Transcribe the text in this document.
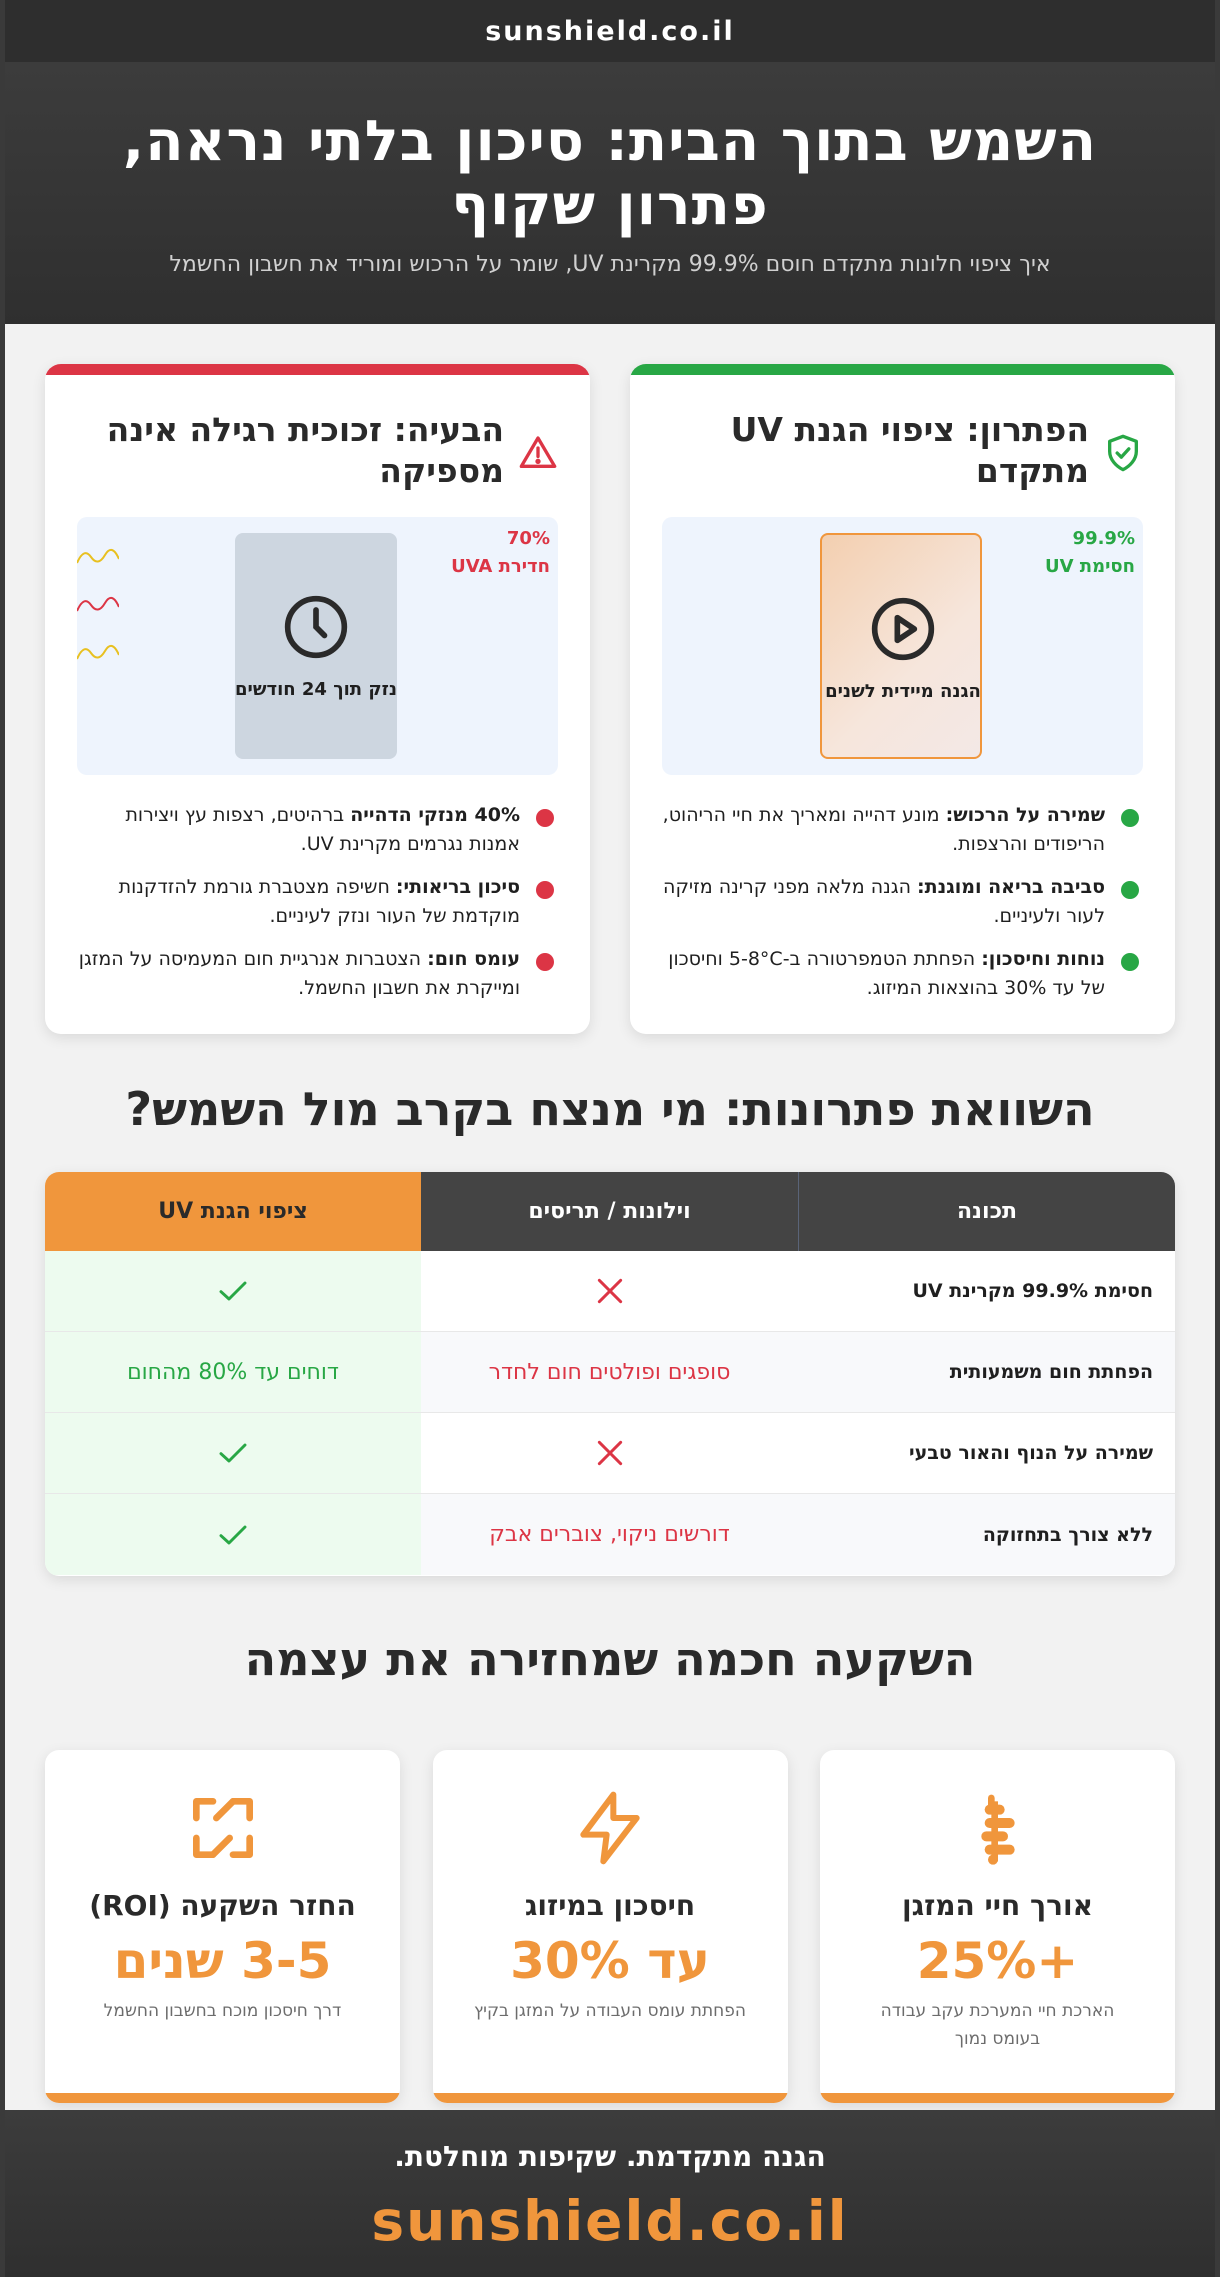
sunshield.co.il
השמש בתוך הבית: סיכון בלתי נראה, פתרון שקוף

איך ציפוי חלונות מתקדם חוסם 99.9% מקרינת UV, שומר על הרכוש ומוריד את חשבון החשמל

הבעיה: זכוכית רגילה אינה מספיקה
נזק תוך 24 חודשים
70%
חדירת UVA
40% מנזקי הדהייה ברהיטים, רצפות עץ ויצירות אמנות נגרמים מקרינת UV.
סיכון בריאותי: חשיפה מצטברת גורמת להזדקנות מוקדמת של העור ונזק לעיניים.
עומס חום: הצטברות אנרגיית חום המעמיסה על המזגן ומייקרת את חשבון החשמל.
הפתרון: ציפוי הגנת UV מתקדם
הגנה מיידית לשנים
99.9%
חסימת UV
שמירה על הרכוש: מונע דהייה ומאריך את חיי הריהוט, הריפודים והרצפות.
סביבה בריאה ומוגנת: הגנה מלאה מפני קרינה מזיקה לעור ולעיניים.
נוחות וחיסכון: הפחתת הטמפרטורה ב-5-8°C וחיסכון של עד 30% בהוצאות המיזוג.
השוואת פתרונות: מי מנצח בקרב מול השמש?
תכונה
וילונות / תריסים
ציפוי הגנת UV
חסימת 99.9% מקרינת UV
הפחתת חום משמעותית
סופגים ופולטים חום לחדר
דוחים עד 80% מהחום
שמירה על הנוף והאור טבעי
ללא צורך בתחזוקה
דורשים ניקוי, צוברים אבק
השקעה חכמה שמחזירה את עצמה
החזר השקעה (ROI)
3-5 שנים
דרך חיסכון מוכח בחשבון החשמל
חיסכון במיזוג
עד 30%
הפחתת עומס העבודה על המזגן בקיץ
אורך חיי המזגן
+25%
הארכת חיי המערכת עקב עבודה בעומס נמוך
הגנה מתקדמת. שקיפות מוחלטת.
sunshield.co.il
